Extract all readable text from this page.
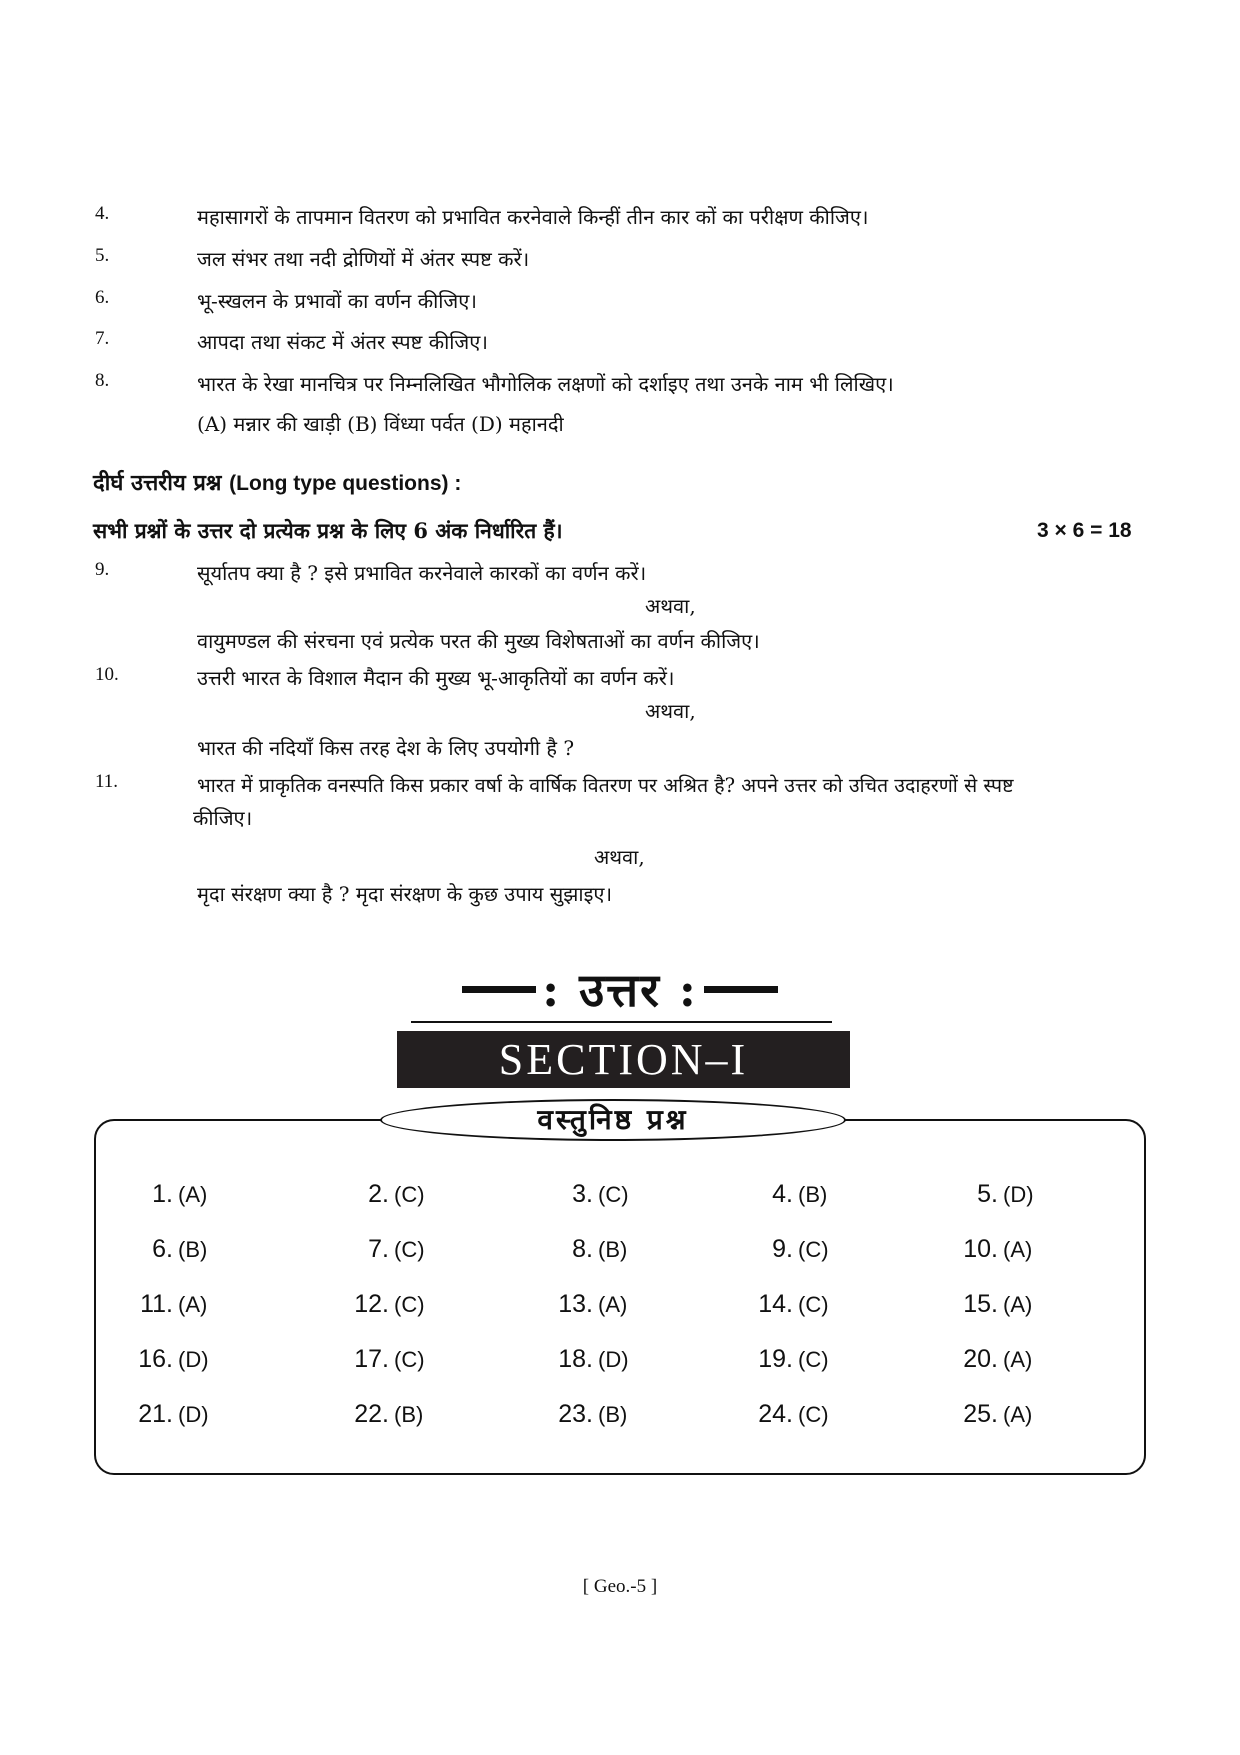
4.	महासागरों के तापमान वितरण को प्रभावित करनेवाले किन्हीं तीन कार कों का परीक्षण कीजिए।
5.	जल संभर तथा नदी द्रोणियों में अंतर स्पष्ट करें।
6.	भू-स्खलन के प्रभावों का वर्णन कीजिए।
7.	आपदा तथा संकट में अंतर स्पष्ट कीजिए।
8.	भारत के रेखा मानचित्र पर निम्नलिखित भौगोलिक लक्षणों को दर्शाइए तथा उनके नाम भी लिखिए।
(A) मन्नार की खाड़ी (B) विंध्या पर्वत (D) महानदी
दीर्घ उत्तरीय प्रश्न (Long type questions) :
सभी प्रश्नों के उत्तर दो प्रत्येक प्रश्न के लिए 6 अंक निर्धारित हैं।	3 × 6 = 18
9.	सूर्यातप क्या है ? इसे प्रभावित करनेवाले कारकों का वर्णन करें।
अथवा,
वायुमण्डल की संरचना एवं प्रत्येक परत की मुख्य विशेषताओं का वर्णन कीजिए।
10.	उत्तरी भारत के विशाल मैदान की मुख्य भू-आकृतियों का वर्णन करें।
अथवा,
भारत की नदियाँ किस तरह देश के लिए उपयोगी है ?
11.	भारत में प्राकृतिक वनस्पति किस प्रकार वर्षा के वार्षिक वितरण पर अश्रित है? अपने उत्तर को उचित उदाहरणों से स्पष्ट
कीजिए।
अथवा,
मृदा संरक्षण क्या है ? मृदा संरक्षण के कुछ उपाय सुझाइए।
: उत्तर :
SECTION–I
वस्तुनिष्ठ प्रश्न
1. (A)	2. (C)	3. (C)	4. (B)	5. (D)
6. (B)	7. (C)	8. (B)	9. (C)	10. (A)
11. (A)	12. (C)	13. (A)	14. (C)	15. (A)
16. (D)	17. (C)	18. (D)	19. (C)	20. (A)
21. (D)	22. (B)	23. (B)	24. (C)	25. (A)
[ Geo.-5 ]
